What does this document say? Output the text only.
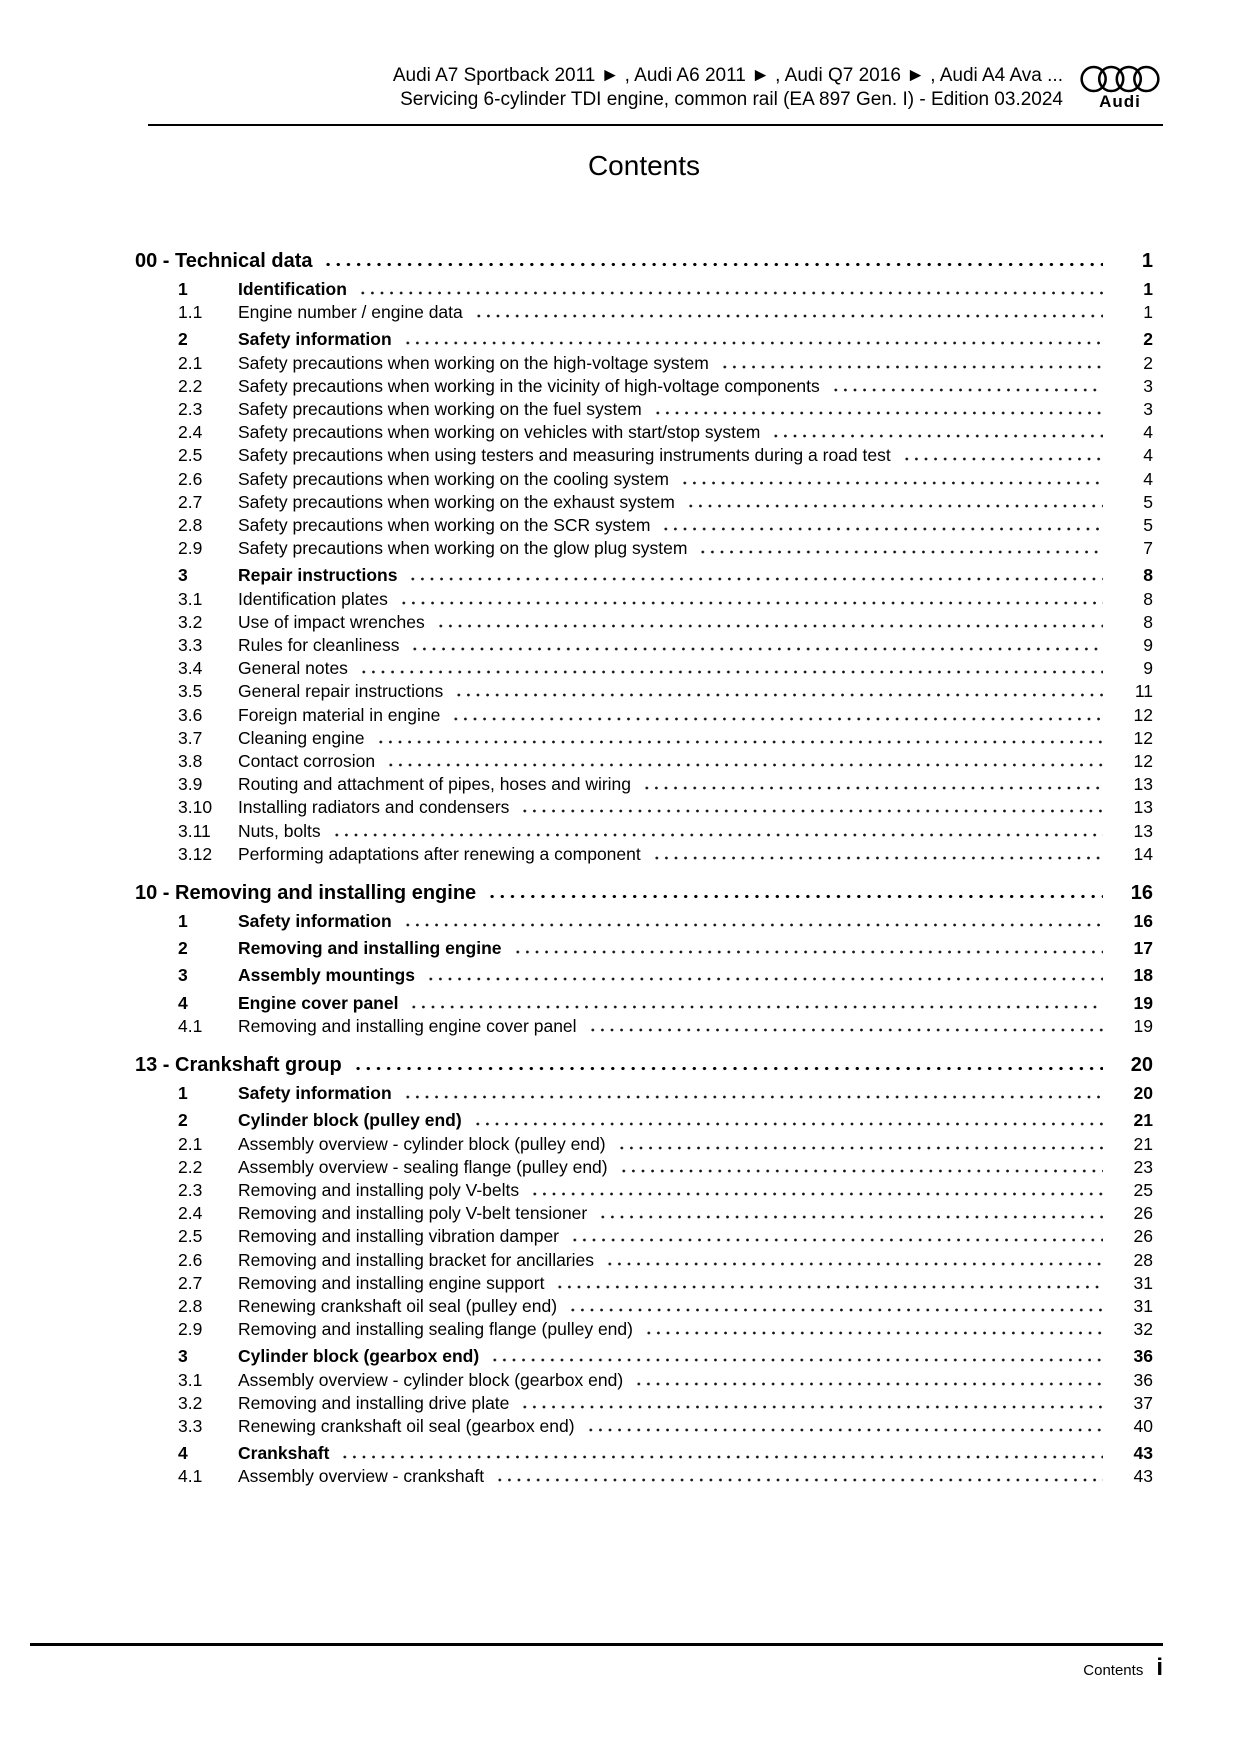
Audi A7 Sportback 2011 ► , Audi A6 2011 ► , Audi Q7 2016 ► , Audi A4 Ava ...
Servicing 6-cylinder TDI engine, common rail (EA 897 Gen. I) - Edition 03.2024	Audi
Contents
00 - Technical data	1
1	Identification	1
1.1	Engine number / engine data	1
2	Safety information	2
2.1	Safety precautions when working on the high-voltage system	2
2.2	Safety precautions when working in the vicinity of high-voltage components	3
2.3	Safety precautions when working on the fuel system	3
2.4	Safety precautions when working on vehicles with start/stop system	4
2.5	Safety precautions when using testers and measuring instruments during a road test	4
2.6	Safety precautions when working on the cooling system	4
2.7	Safety precautions when working on the exhaust system	5
2.8	Safety precautions when working on the SCR system	5
2.9	Safety precautions when working on the glow plug system	7
3	Repair instructions	8
3.1	Identification plates	8
3.2	Use of impact wrenches	8
3.3	Rules for cleanliness	9
3.4	General notes	9
3.5	General repair instructions	11
3.6	Foreign material in engine	12
3.7	Cleaning engine	12
3.8	Contact corrosion	12
3.9	Routing and attachment of pipes, hoses and wiring	13
3.10	Installing radiators and condensers	13
3.11	Nuts, bolts	13
3.12	Performing adaptations after renewing a component	14
10 - Removing and installing engine	16
1	Safety information	16
2	Removing and installing engine	17
3	Assembly mountings	18
4	Engine cover panel	19
4.1	Removing and installing engine cover panel	19
13 - Crankshaft group	20
1	Safety information	20
2	Cylinder block (pulley end)	21
2.1	Assembly overview - cylinder block (pulley end)	21
2.2	Assembly overview - sealing flange (pulley end)	23
2.3	Removing and installing poly V-belts	25
2.4	Removing and installing poly V-belt tensioner	26
2.5	Removing and installing vibration damper	26
2.6	Removing and installing bracket for ancillaries	28
2.7	Removing and installing engine support	31
2.8	Renewing crankshaft oil seal (pulley end)	31
2.9	Removing and installing sealing flange (pulley end)	32
3	Cylinder block (gearbox end)	36
3.1	Assembly overview - cylinder block (gearbox end)	36
3.2	Removing and installing drive plate	37
3.3	Renewing crankshaft oil seal (gearbox end)	40
4	Crankshaft	43
4.1	Assembly overview - crankshaft	43
Contents i
